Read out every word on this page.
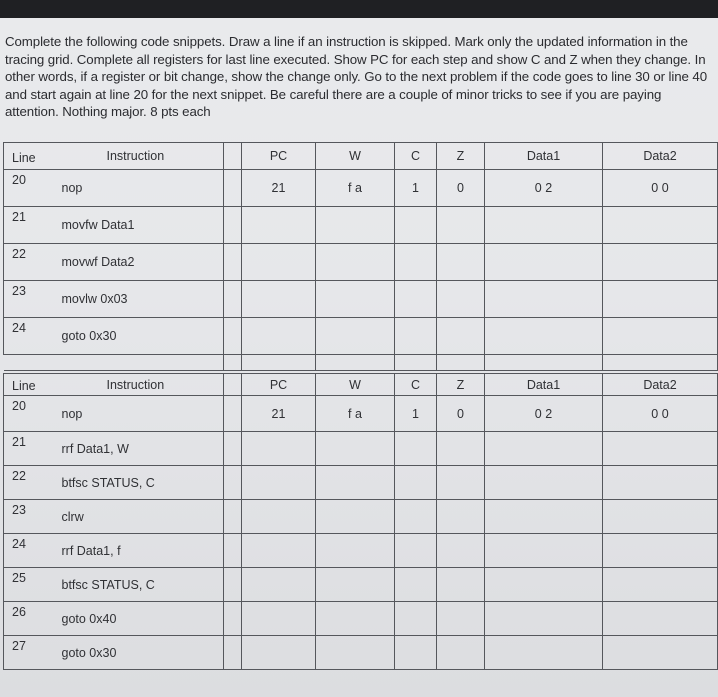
Complete the following code snippets. Draw a line if an instruction is skipped. Mark only the updated information in the tracing grid. Complete all registers for last line executed. Show PC for each step and show C and Z when they change. In other words, if a register or bit change, show the change only. Go to the next problem if the code goes to line 30 or line 40 and start again at line 20 for the next snippet. Be careful there are a couple of minor tricks to see if you are paying attention. Nothing major. 8 pts each
Line	Instruction		PC	W	C	Z	Data1	Data2
20	nop		21	f a	1	0	0 2	0 0
21	movfw Data1							
22	movwf Data2							
23	movlw 0x03							
24	goto 0x30							

Line	Instruction		PC	W	C	Z	Data1	Data2
20	nop		21	f a	1	0	0 2	0 0
21	rrf Data1, W							
22	btfsc STATUS, C							
23	clrw							
24	rrf Data1, f							
25	btfsc STATUS, C							
26	goto 0x40							
27	goto 0x30							
